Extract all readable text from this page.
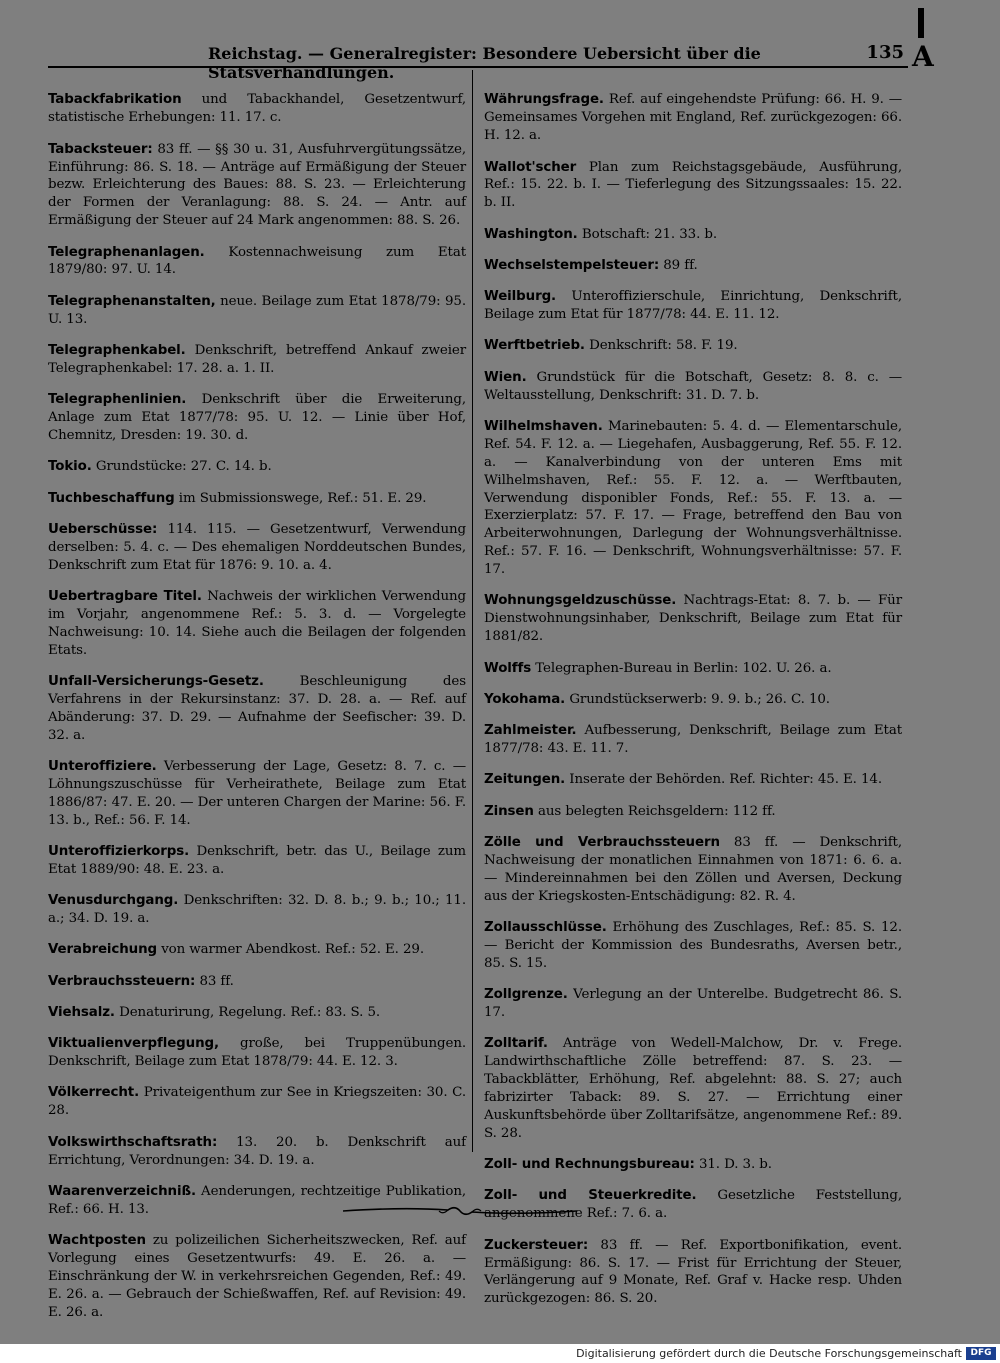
Reichstag. — Generalregister: Besondere Uebersicht über die Statsverhandlungen.
135 A

Tabackfabrikation und Tabackhandel, Gesetzentwurf, statistische Erhebungen: 11. 17. c.

Tabacksteuer: 83 ff. — §§ 30 u. 31, Ausfuhrvergütungssätze, Einführung: 86. S. 18. — Anträge auf Ermäßigung der Steuer bezw. Erleichterung des Baues: 88. S. 23. — Erleichterung der Formen der Veranlagung: 88. S. 24. — Antr. auf Ermäßigung der Steuer auf 24 Mark angenommen: 88. S. 26.

Telegraphenanlagen. Kostennachweisung zum Etat 1879/80: 97. U. 14.

Telegraphenanstalten, neue. Beilage zum Etat 1878/79: 95. U. 13.

Telegraphenkabel. Denkschrift, betreffend Ankauf zweier Telegraphenkabel: 17. 28. a. 1. II.

Telegraphenlinien. Denkschrift über die Erweiterung, Anlage zum Etat 1877/78: 95. U. 12. — Linie über Hof, Chemnitz, Dresden: 19. 30. d.

Tokio. Grundstücke: 27. C. 14. b.

Tuchbeschaffung im Submissionswege, Ref.: 51. E. 29.

Ueberschüsse: 114. 115. — Gesetzentwurf, Verwendung derselben: 5. 4. c. — Des ehemaligen Norddeutschen Bundes, Denkschrift zum Etat für 1876: 9. 10. a. 4.

Uebertragbare Titel. Nachweis der wirklichen Verwendung im Vorjahr, angenommene Ref.: 5. 3. d. — Vorgelegte Nachweisung: 10. 14. Siehe auch die Beilagen der folgenden Etats.

Unfall-Versicherungs-Gesetz. Beschleunigung des Verfahrens in der Rekursinstanz: 37. D. 28. a. — Ref. auf Abänderung: 37. D. 29. — Aufnahme der Seefischer: 39. D. 32. a.

Unteroffiziere. Verbesserung der Lage, Gesetz: 8. 7. c. — Löhnungszuschüsse für Verheirathete, Beilage zum Etat 1886/87: 47. E. 20. — Der unteren Chargen der Marine: 56. F. 13. b., Ref.: 56. F. 14.

Unteroffizierkorps. Denkschrift, betr. das U., Beilage zum Etat 1889/90: 48. E. 23. a.

Venusdurchgang. Denkschriften: 32. D. 8. b.; 9. b.; 10.; 11. a.; 34. D. 19. a.

Verabreichung von warmer Abendkost. Ref.: 52. E. 29.

Verbrauchssteuern: 83 ff.

Viehsalz. Denaturirung, Regelung. Ref.: 83. S. 5.

Viktualienverpflegung, große, bei Truppenübungen. Denkschrift, Beilage zum Etat 1878/79: 44. E. 12. 3.

Völkerrecht. Privateigenthum zur See in Kriegszeiten: 30. C. 28.

Volkswirthschaftsrath: 13. 20. b. Denkschrift auf Errichtung, Verordnungen: 34. D. 19. a.

Waarenverzeichniß. Aenderungen, rechtzeitige Publikation, Ref.: 66. H. 13.

Wachtposten zu polizeilichen Sicherheitszwecken, Ref. auf Vorlegung eines Gesetzentwurfs: 49. E. 26. a. — Einschränkung der W. in verkehrsreichen Gegenden, Ref.: 49. E. 26. a. — Gebrauch der Schießwaffen, Ref. auf Revision: 49. E. 26. a.

Währungsfrage. Ref. auf eingehendste Prüfung: 66. H. 9. — Gemeinsames Vorgehen mit England, Ref. zurückgezogen: 66. H. 12. a.

Wallot'scher Plan zum Reichstagsgebäude, Ausführung, Ref.: 15. 22. b. I. — Tieferlegung des Sitzungssaales: 15. 22. b. II.

Washington. Botschaft: 21. 33. b.

Wechselstempelsteuer: 89 ff.

Weilburg. Unteroffizierschule, Einrichtung, Denkschrift, Beilage zum Etat für 1877/78: 44. E. 11. 12.

Werftbetrieb. Denkschrift: 58. F. 19.

Wien. Grundstück für die Botschaft, Gesetz: 8. 8. c. — Weltausstellung, Denkschrift: 31. D. 7. b.

Wilhelmshaven. Marinebauten: 5. 4. d. — Elementarschule, Ref. 54. F. 12. a. — Liegehafen, Ausbaggerung, Ref. 55. F. 12. a. — Kanalverbindung von der unteren Ems mit Wilhelmshaven, Ref.: 55. F. 12. a. — Werftbauten, Verwendung disponibler Fonds, Ref.: 55. F. 13. a. — Exerzierplatz: 57. F. 17. — Frage, betreffend den Bau von Arbeiterwohnungen, Darlegung der Wohnungsverhältnisse. Ref.: 57. F. 16. — Denkschrift, Wohnungsverhältnisse: 57. F. 17.

Wohnungsgeldzuschüsse. Nachtrags-Etat: 8. 7. b. — Für Dienstwohnungsinhaber, Denkschrift, Beilage zum Etat für 1881/82.

Wolffs Telegraphen-Bureau in Berlin: 102. U. 26. a.

Yokohama. Grundstückserwerb: 9. 9. b.; 26. C. 10.

Zahlmeister. Aufbesserung, Denkschrift, Beilage zum Etat 1877/78: 43. E. 11. 7.

Zeitungen. Inserate der Behörden. Ref. Richter: 45. E. 14.

Zinsen aus belegten Reichsgeldern: 112 ff.

Zölle und Verbrauchssteuern 83 ff. — Denkschrift, Nachweisung der monatlichen Einnahmen von 1871: 6. 6. a. — Mindereinnahmen bei den Zöllen und Aversen, Deckung aus der Kriegskosten-Entschädigung: 82. R. 4.

Zollausschlüsse. Erhöhung des Zuschlages, Ref.: 85. S. 12. — Bericht der Kommission des Bundesraths, Aversen betr., 85. S. 15.

Zollgrenze. Verlegung an der Unterelbe. Budgetrecht 86. S. 17.

Zolltarif. Anträge von Wedell-Malchow, Dr. v. Frege. Landwirthschaftliche Zölle betreffend: 87. S. 23. — Tabackblätter, Erhöhung, Ref. abgelehnt: 88. S. 27; auch fabrizirter Taback: 89. S. 27. — Errichtung einer Auskunftsbehörde über Zolltarifsätze, angenommene Ref.: 89. S. 28.

Zoll- und Rechnungsbureau: 31. D. 3. b.

Zoll- und Steuerkredite. Gesetzliche Feststellung, angenommene Ref.: 7. 6. a.

Zuckersteuer: 83 ff. — Ref. Exportbonifikation, event. Ermäßigung: 86. S. 17. — Frist für Errichtung der Steuer, Verlängerung auf 9 Monate, Ref. Graf v. Hacke resp. Uhden zurückgezogen: 86. S. 20.

Digitalisierung gefördert durch die Deutsche Forschungsgemeinschaft DFG
